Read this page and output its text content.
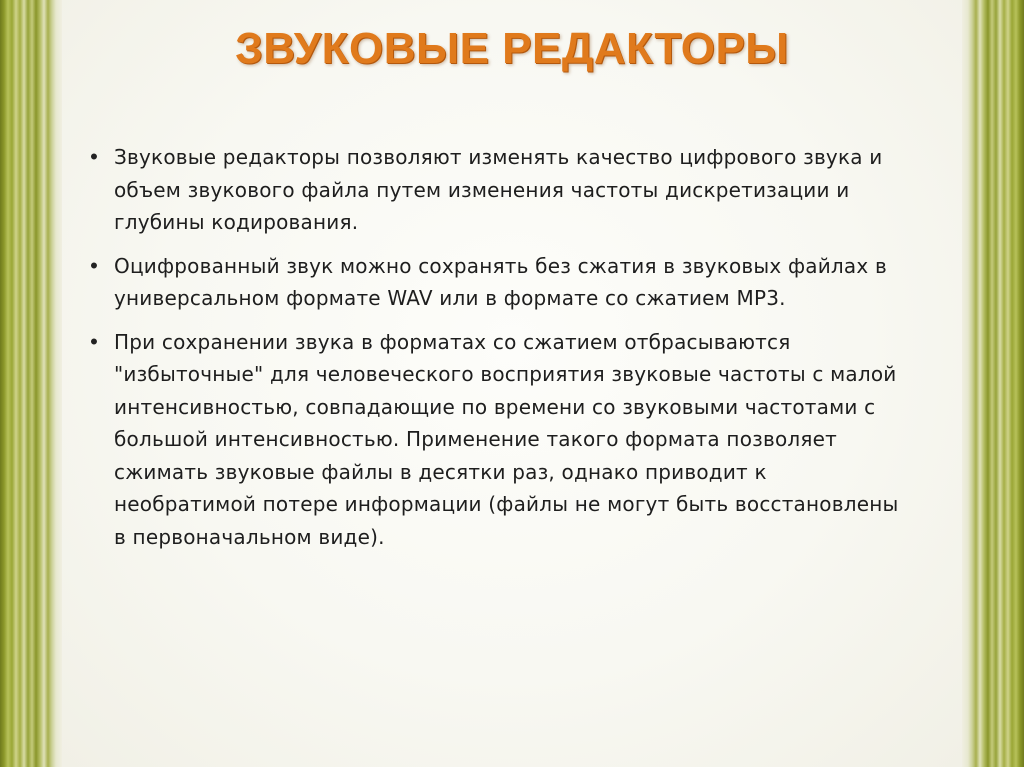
ЗВУКОВЫЕ РЕДАКТОРЫ
• Звуковые редакторы позволяют изменять качество цифрового звука и объем звукового файла путем изменения частоты дискретизации и глубины кодирования.
• Оцифрованный звук можно сохранять без сжатия в звуковых файлах в универсальном формате WAV или в формате со сжатием MP3.
• При сохранении звука в форматах со сжатием отбрасываются "избыточные" для человеческого восприятия звуковые частоты с малой интенсивностью, совпадающие по времени со звуковыми частотами с большой интенсивностью. Применение такого формата позволяет сжимать звуковые файлы в десятки раз, однако приводит к необратимой потере информации (файлы не могут быть восстановлены в первоначальном виде).
